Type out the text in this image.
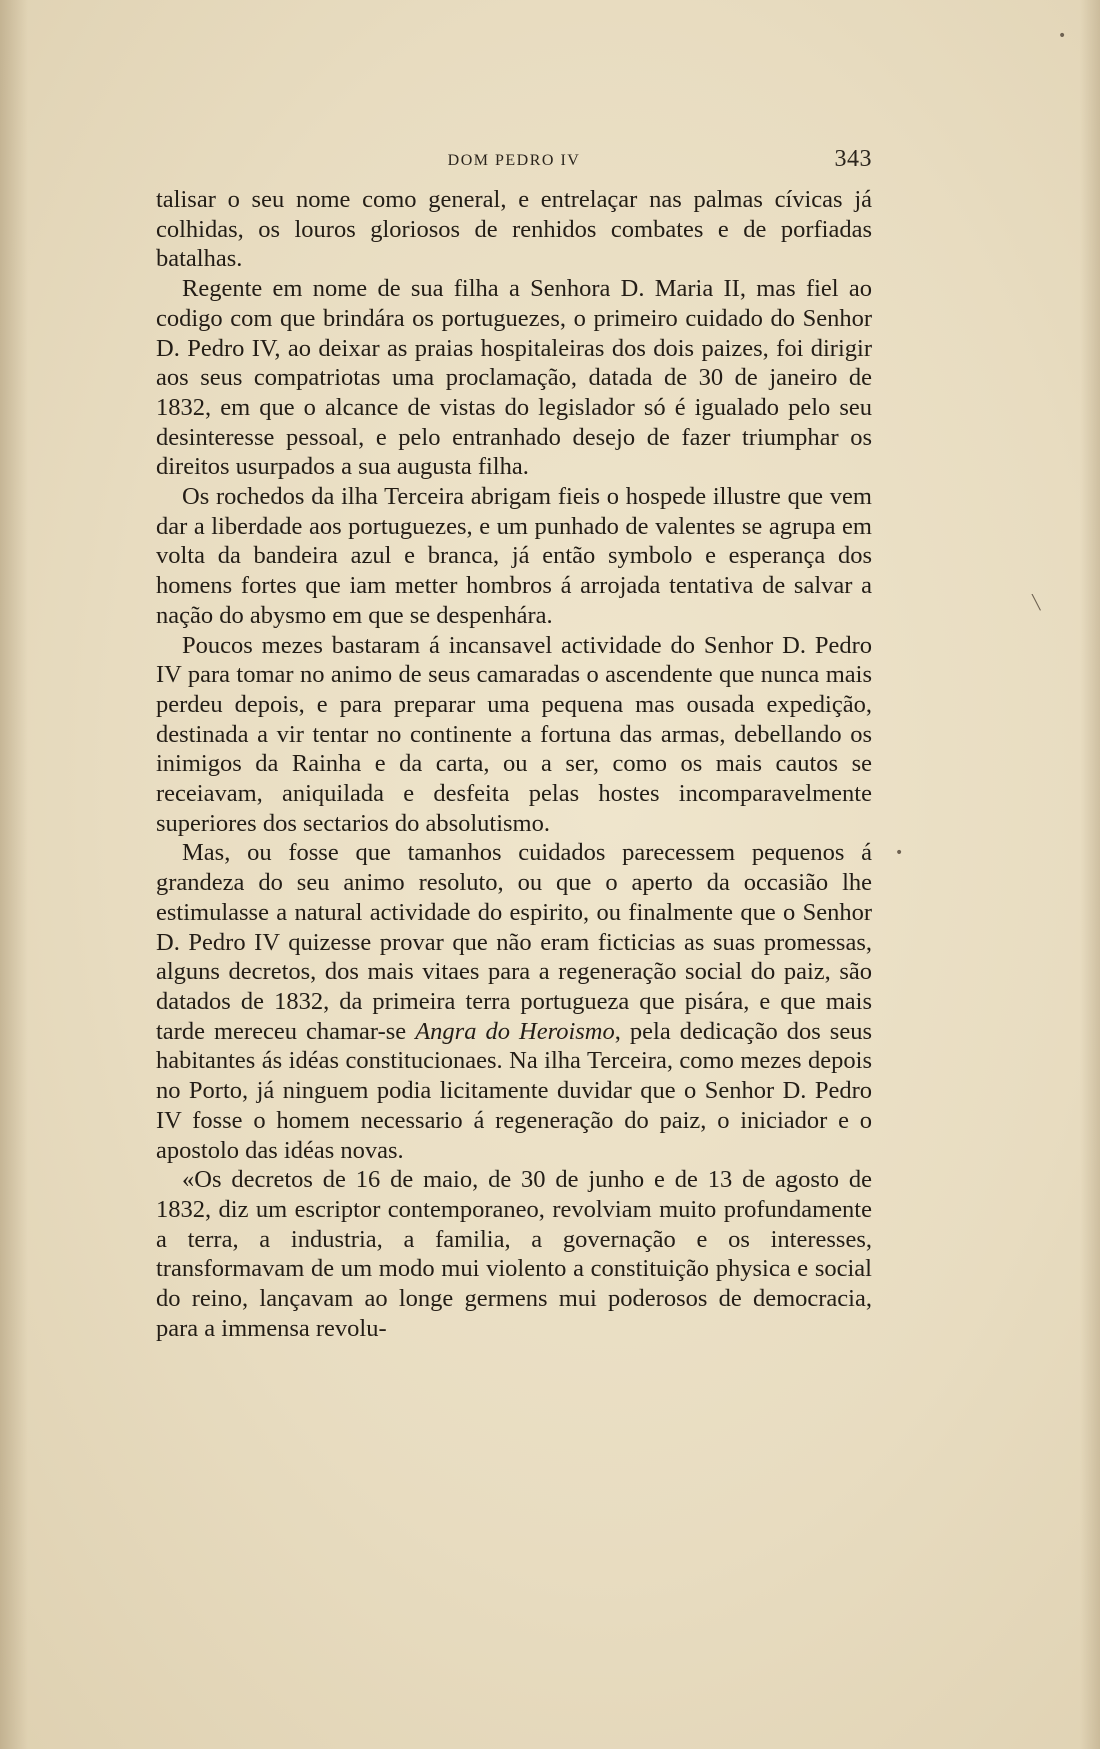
DOM PEDRO IV	343

talisar o seu nome como general, e entrelaçar nas palmas cívicas já colhidas, os louros gloriosos de renhidos combates e de porfiadas batalhas.

Regente em nome de sua filha a Senhora D. Maria II, mas fiel ao codigo com que brindára os portuguezes, o primeiro cuidado do Senhor D. Pedro IV, ao deixar as praias hospitaleiras dos dois paizes, foi dirigir aos seus compatriotas uma proclamação, datada de 30 de janeiro de 1832, em que o alcance de vistas do legislador só é igualado pelo seu desinteresse pessoal, e pelo entranhado desejo de fazer triumphar os direitos usurpados a sua augusta filha.

Os rochedos da ilha Terceira abrigam fieis o hospede illustre que vem dar a liberdade aos portuguezes, e um punhado de valentes se agrupa em volta da bandeira azul e branca, já então symbolo e esperança dos homens fortes que iam metter hombros á arrojada tentativa de salvar a nação do abysmo em que se despenhára.

Poucos mezes bastaram á incansavel actividade do Senhor D. Pedro IV para tomar no animo de seus camaradas o ascendente que nunca mais perdeu depois, e para preparar uma pequena mas ousada expedição, destinada a vir tentar no continente a fortuna das armas, debellando os inimigos da Rainha e da carta, ou a ser, como os mais cautos se receiavam, aniquilada e desfeita pelas hostes incomparavelmente superiores dos sectarios do absolutismo.

Mas, ou fosse que tamanhos cuidados parecessem pequenos á grandeza do seu animo resoluto, ou que o aperto da occasião lhe estimulasse a natural actividade do espirito, ou finalmente que o Senhor D. Pedro IV quizesse provar que não eram ficticias as suas promessas, alguns decretos, dos mais vitaes para a regeneração social do paiz, são datados de 1832, da primeira terra portugueza que pisára, e que mais tarde mereceu chamar-se Angra do Heroismo, pela dedicação dos seus habitantes ás idéas constitucionaes. Na ilha Terceira, como mezes depois no Porto, já ninguem podia licitamente duvidar que o Senhor D. Pedro IV fosse o homem necessario á regeneração do paiz, o iniciador e o apostolo das idéas novas.

«Os decretos de 16 de maio, de 30 de junho e de 13 de agosto de 1832, diz um escriptor contemporaneo, revolviam muito profundamente a terra, a industria, a familia, a governação e os interesses, transformavam de um modo mui violento a constituição physica e social do reino, lançavam ao longe germens mui poderosos de democracia, para a immensa revolu-

•
•
╲
